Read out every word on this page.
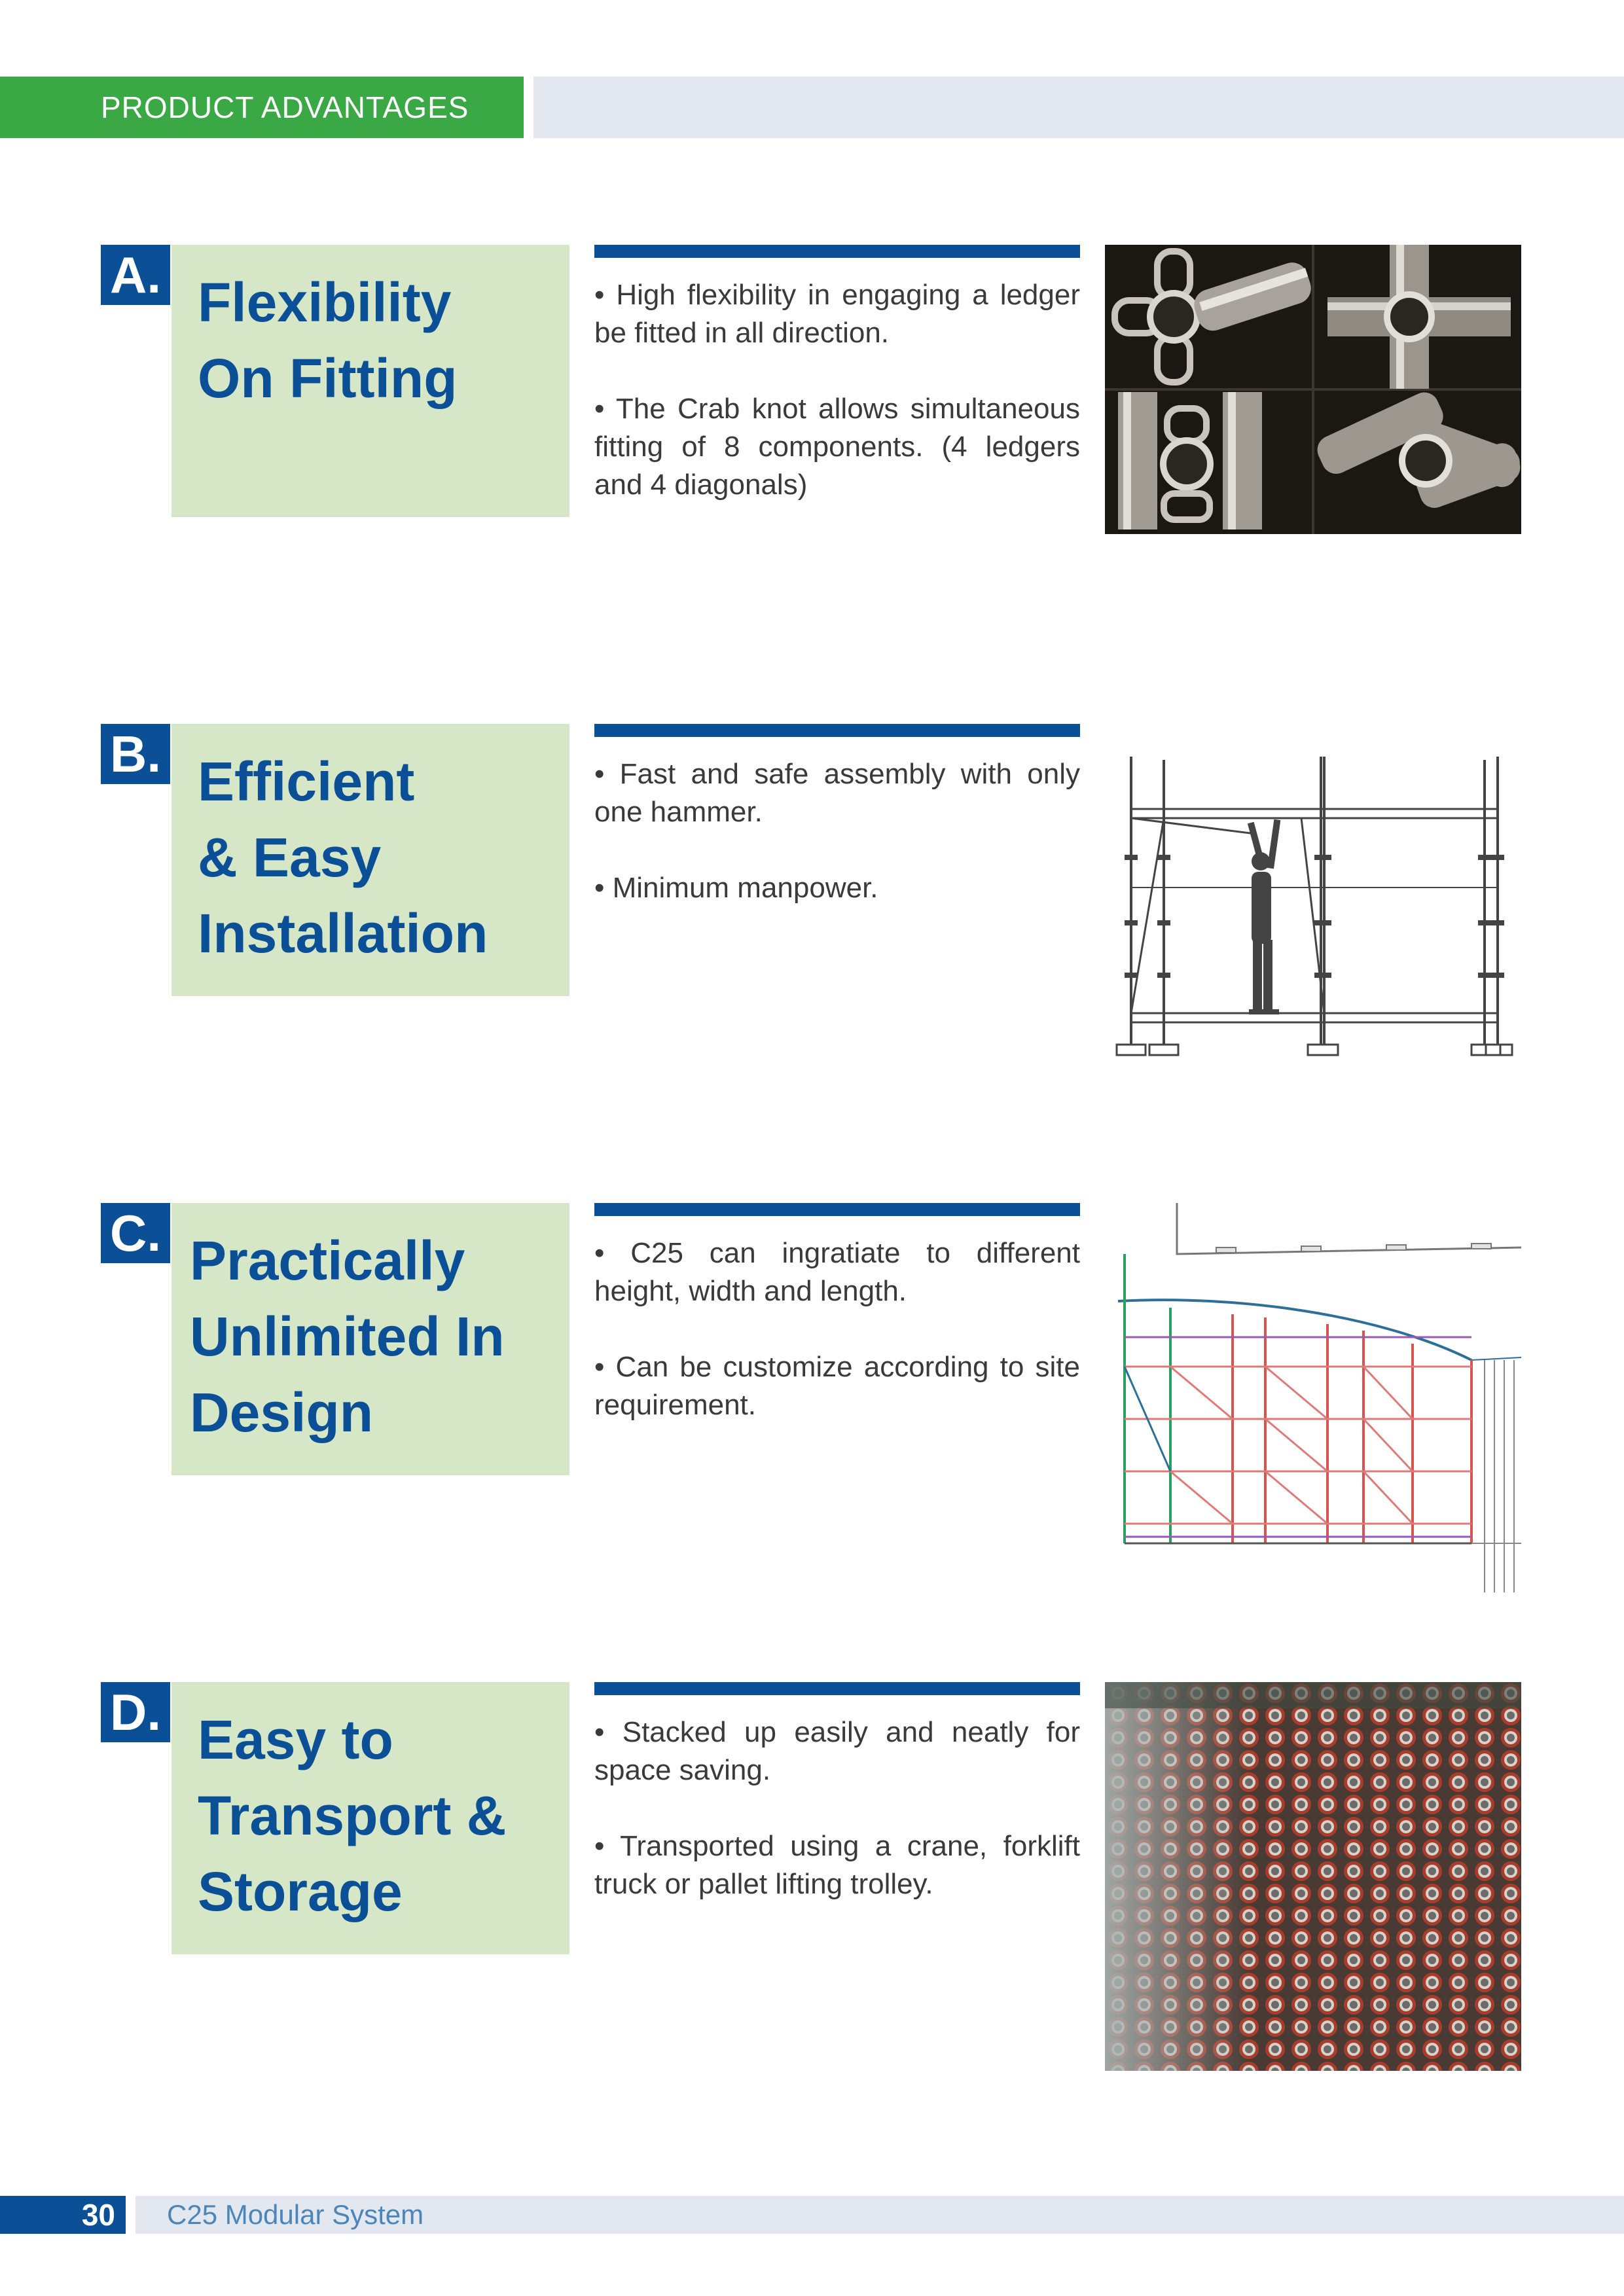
PRODUCT ADVANTAGES
A. Flexibility
On Fitting

• High flexibility in engaging a ledger be fitted in all direction.

• The Crab knot allows simultaneous fitting of 8 components. (4 ledgers and 4 diagonals)

B. Efficient
& Easy
Installation

• Fast and safe assembly with only one hammer.

• Minimum manpower.

C. Practically
Unlimited In
Design

• C25 can ingratiate to different height, width and length.

• Can be customize according to site requirement.

D. Easy to
Transport &
Storage

• Stacked up easily and neatly for space saving.

• Transported using a crane, forklift truck or pallet lifting trolley.

30	C25 Modular System
